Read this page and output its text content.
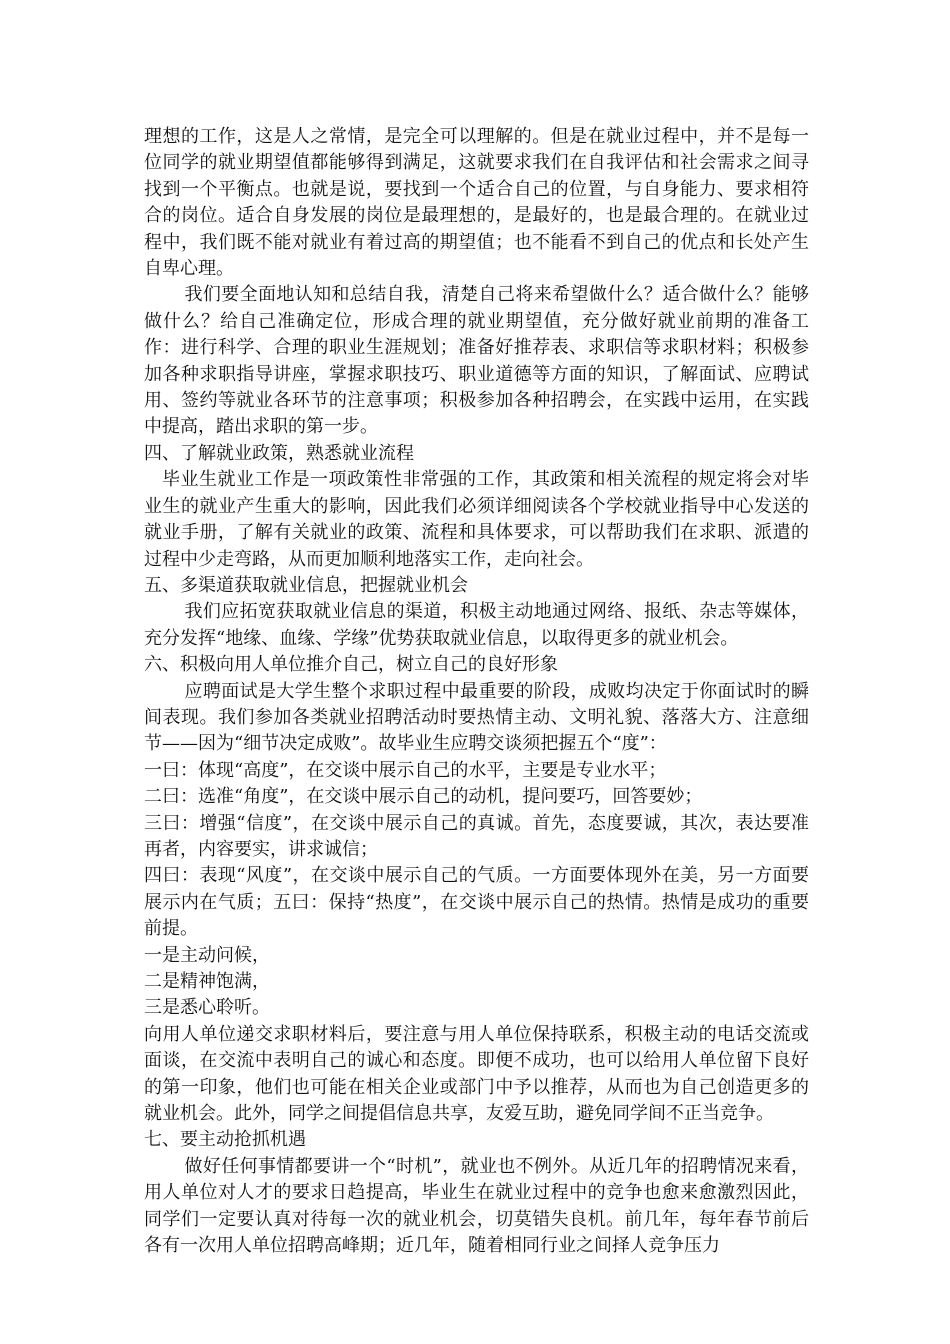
理想的工作，这是人之常情，是完全可以理解的。但是在就业过程中，并不是每一位同学的就业期望值都能够得到满足，这就要求我们在自我评估和社会需求之间寻找到一个平衡点。也就是说，要找到一个适合自己的位置，与自身能力、要求相符合的岗位。适合自身发展的岗位是最理想的，是最好的，也是最合理的。在就业过程中，我们既不能对就业有着过高的期望值；也不能看不到自己的优点和长处产生自卑心理。

我们要全面地认知和总结自我，清楚自己将来希望做什么？适合做什么？能够做什么？给自己准确定位，形成合理的就业期望值，充分做好就业前期的准备工作：进行科学、合理的职业生涯规划；准备好推荐表、求职信等求职材料；积极参加各种求职指导讲座，掌握求职技巧、职业道德等方面的知识，了解面试、应聘试用、签约等就业各环节的注意事项；积极参加各种招聘会，在实践中运用，在实践中提高，踏出求职的第一步。

四、了解就业政策，熟悉就业流程

毕业生就业工作是一项政策性非常强的工作，其政策和相关流程的规定将会对毕业生的就业产生重大的影响，因此我们必须详细阅读各个学校就业指导中心发送的就业手册，了解有关就业的政策、流程和具体要求，可以帮助我们在求职、派遣的过程中少走弯路，从而更加顺利地落实工作，走向社会。

五、多渠道获取就业信息，把握就业机会

我们应拓宽获取就业信息的渠道，积极主动地通过网络、报纸、杂志等媒体，充分发挥“地缘、血缘、学缘”优势获取就业信息，以取得更多的就业机会。

六、积极向用人单位推介自己，树立自己的良好形象

应聘面试是大学生整个求职过程中最重要的阶段，成败均决定于你面试时的瞬间表现。我们参加各类就业招聘活动时要热情主动、文明礼貌、落落大方、注意细节——因为“细节决定成败”。故毕业生应聘交谈须把握五个“度”：

一曰：体现“高度”，在交谈中展示自己的水平，主要是专业水平；

二曰：选准“角度”，在交谈中展示自己的动机，提问要巧，回答要妙；

三曰：增强“信度”，在交谈中展示自己的真诚。首先，态度要诚，其次，表达要准再者，内容要实，讲求诚信；

四曰：表现“风度”，在交谈中展示自己的气质。一方面要体现外在美，另一方面要展示内在气质；五曰：保持“热度”，在交谈中展示自己的热情。热情是成功的重要前提。

一是主动问候，

二是精神饱满，

三是悉心聆听。

向用人单位递交求职材料后，要注意与用人单位保持联系，积极主动的电话交流或面谈，在交流中表明自己的诚心和态度。即便不成功，也可以给用人单位留下良好的第一印象，他们也可能在相关企业或部门中予以推荐，从而也为自己创造更多的就业机会。此外，同学之间提倡信息共享，友爱互助，避免同学间不正当竞争。

七、要主动抢抓机遇

做好任何事情都要讲一个“时机”，就业也不例外。从近几年的招聘情况来看，用人单位对人才的要求日趋提高，毕业生在就业过程中的竞争也愈来愈激烈因此，同学们一定要认真对待每一次的就业机会，切莫错失良机。前几年，每年春节前后各有一次用人单位招聘高峰期；近几年，随着相同行业之间择人竞争压力
